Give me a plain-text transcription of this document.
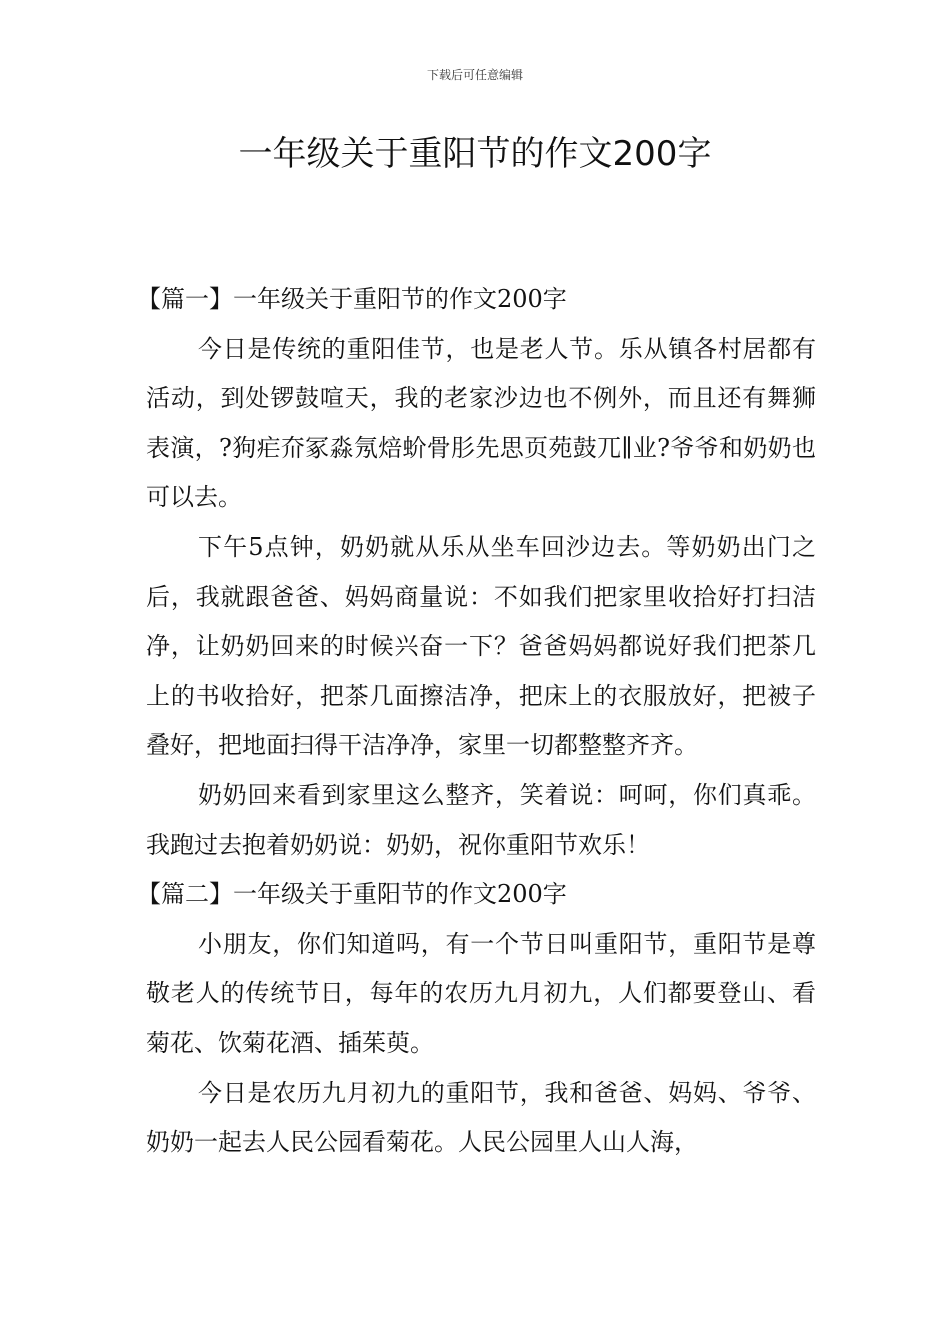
下载后可任意编辑
一年级关于重阳节的作文200字

【篇一】一年级关于重阳节的作文200字

今日是传统的重阳佳节，也是老人节。乐从镇各村居都有活动，到处锣鼓喧天，我的老家沙边也不例外，而且还有舞狮表演，?狗疟夼冢淼氖焙蚧骨肜先思页苑鼓兀∥业?爷爷和奶奶也可以去。

下午5点钟，奶奶就从乐从坐车回沙边去。等奶奶出门之后，我就跟爸爸、妈妈商量说：不如我们把家里收拾好打扫洁净，让奶奶回来的时候兴奋一下？爸爸妈妈都说好我们把茶几上的书收拾好，把茶几面擦洁净，把床上的衣服放好，把被子叠好，把地面扫得干洁净净，家里一切都整整齐齐。

奶奶回来看到家里这么整齐，笑着说：呵呵，你们真乖。我跑过去抱着奶奶说：奶奶，祝你重阳节欢乐！

【篇二】一年级关于重阳节的作文200字

小朋友，你们知道吗，有一个节日叫重阳节，重阳节是尊敬老人的传统节日，每年的农历九月初九，人们都要登山、看菊花、饮菊花酒、插茱萸。

今日是农历九月初九的重阳节，我和爸爸、妈妈、爷爷、奶奶一起去人民公园看菊花。人民公园里人山人海，
